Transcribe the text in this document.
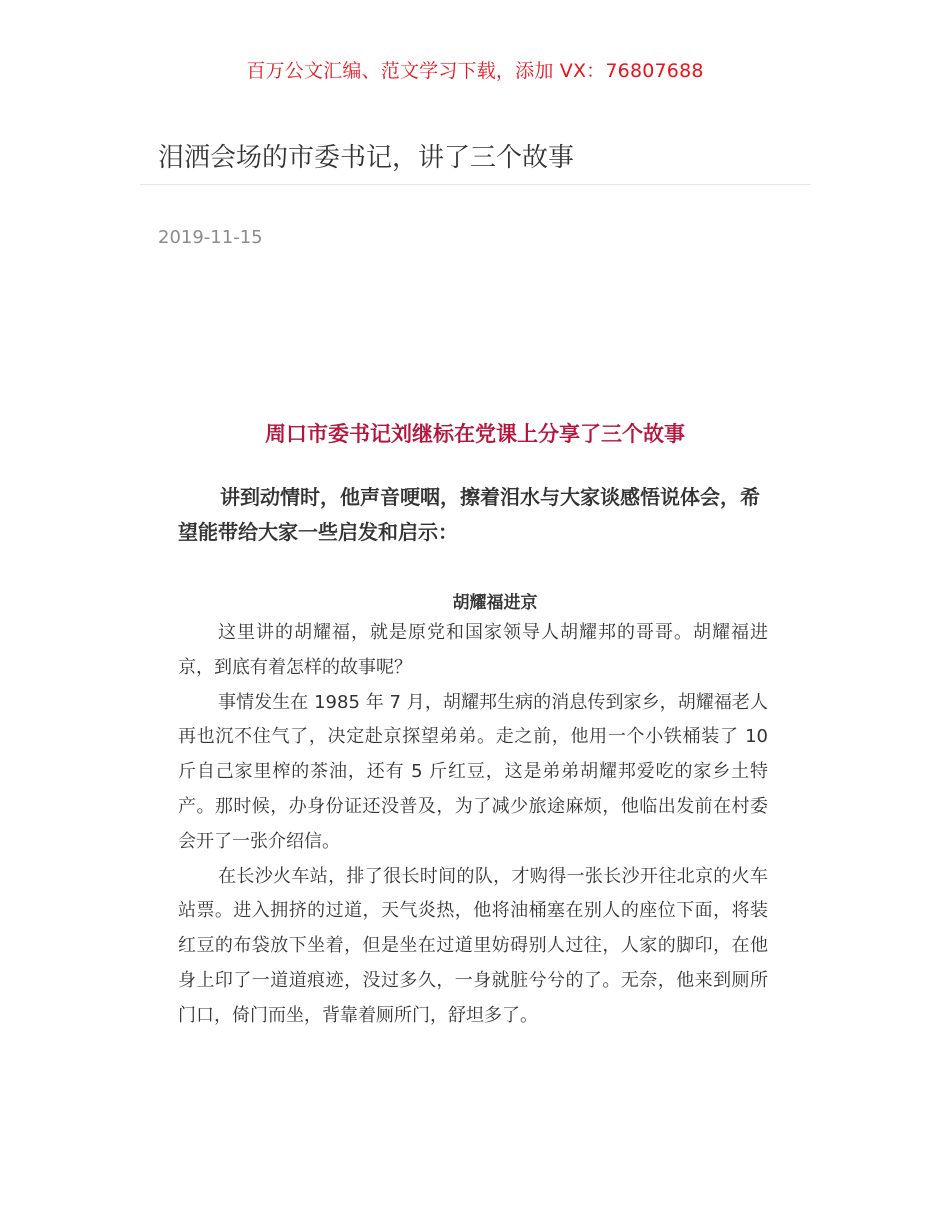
百万公文汇编、范文学习下载，添加 VX：76807688
泪洒会场的市委书记，讲了三个故事
2019-11-15
周口市委书记刘继标在党课上分享了三个故事
讲到动情时，他声音哽咽，擦着泪水与大家谈感悟说体会，希望能带给大家一些启发和启示：
胡耀福进京

这里讲的胡耀福，就是原党和国家领导人胡耀邦的哥哥。胡耀福进京，到底有着怎样的故事呢？

事情发生在 1985 年 7 月，胡耀邦生病的消息传到家乡，胡耀福老人再也沉不住气了，决定赴京探望弟弟。走之前，他用一个小铁桶装了 10 斤自己家里榨的茶油，还有 5 斤红豆，这是弟弟胡耀邦爱吃的家乡土特产。那时候，办身份证还没普及，为了减少旅途麻烦，他临出发前在村委会开了一张介绍信。

在长沙火车站，排了很长时间的队，才购得一张长沙开往北京的火车站票。进入拥挤的过道，天气炎热，他将油桶塞在别人的座位下面，将装红豆的布袋放下坐着，但是坐在过道里妨碍别人过往，人家的脚印，在他身上印了一道道痕迹，没过多久，一身就脏兮兮的了。无奈，他来到厕所门口，倚门而坐，背靠着厕所门，舒坦多了。
